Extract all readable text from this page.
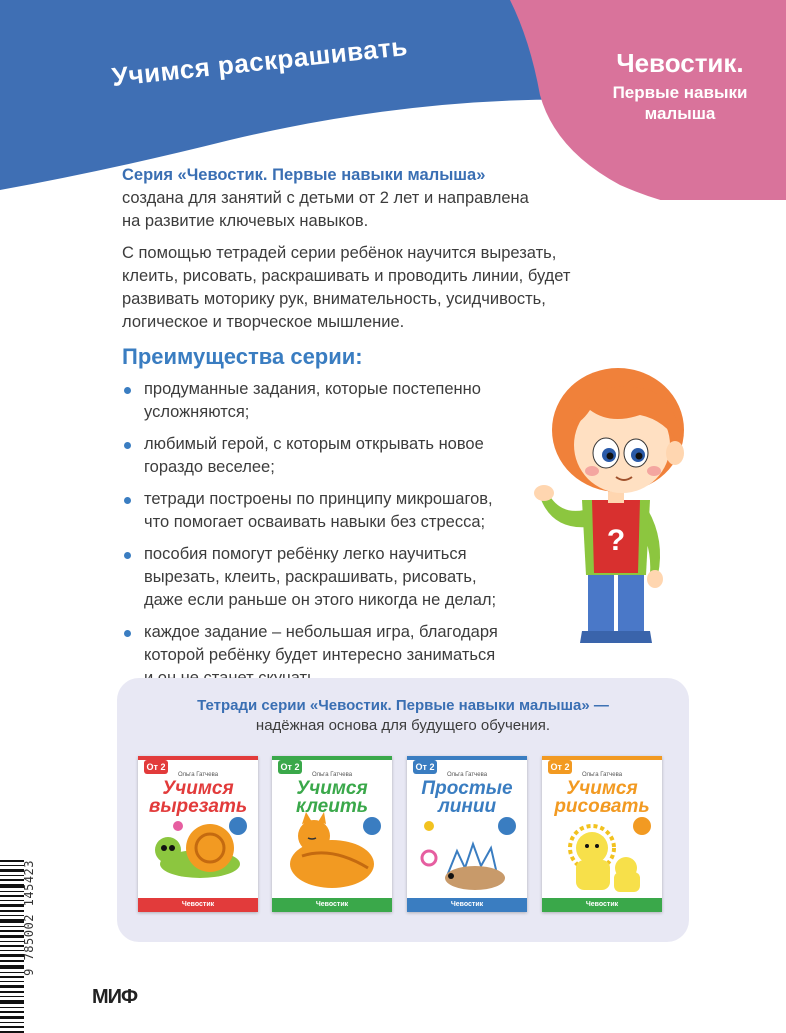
Учимся раскрашивать	Чевостик.
Первые навыки
малыша
Серия «Чевостик. Первые навыки малыша»
создана для занятий с детьми от 2 лет и направлена
на развитие ключевых навыков.
С помощью тетрадей серии ребёнок научится вырезать,
клеить, рисовать, раскрашивать и проводить линии, будет
развивать моторику рук, внимательность, усидчивость,
логическое и творческое мышление.
Преимущества серии:
продуманные задания, которые постепенно
усложняются;
любимый герой, с которым открывать новое
гораздо веселее;
тетради построены по принципу микрошагов,
что помогает осваивать навыки без стресса;
пособия помогут ребёнку легко научиться
вырезать, клеить, раскрашивать, рисовать,
даже если раньше он этого никогда не делал;
каждое задание – небольшая игра, благодаря
которой ребёнку будет интересно заниматься
?
Тетради серии «Чевостик. Первые навыки малыша» —
надёжная основа для будущего обучения.
От 2
Ольга Гатчева
Учимся
вырезать
Чевостик
От 2
Ольга Гатчева
Учимся
клеить
Чевостик
От 2
Ольга Гатчева
Простые
линии
Чевостик
От 2
Ольга Гатчева
Учимся
рисовать
Чевостик
9 785002 145423
МИФ
